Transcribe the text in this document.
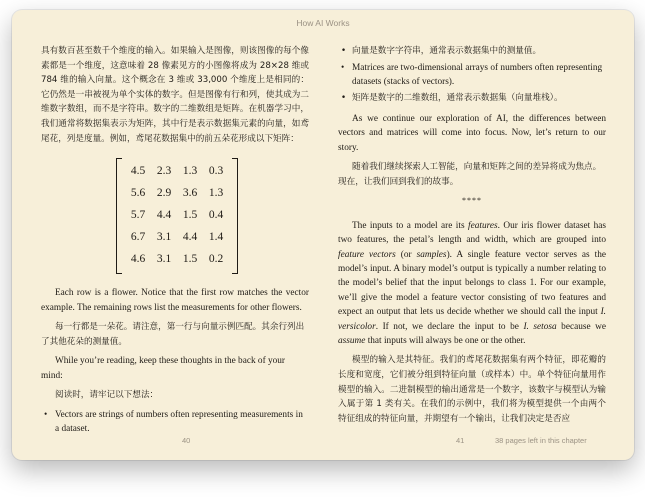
How AI Works

具有数百甚至数千个维度的输入。如果输入是图像，则该图像的每个像素都是一个维度，这意味着 28 像素见方的小图像将成为 28×28 维或 784 维的输入向量。这个概念在 3 维或 33,000 个维度上是相同的：它仍然是一串被视为单个实体的数字。但是图像有行和列，使其成为二维数字数组，而不是字符串。数字的二维数组是矩阵。在机器学习中，我们通常将数据集表示为矩阵，其中行是表示数据集元素的向量，如鸢尾花，列是度量。例如，鸢尾花数据集中的前五朵花形成以下矩阵：

4.5	2.3	1.3	0.3
5.6	2.9	3.6	1.3
5.7	4.4	1.5	0.4
6.7	3.1	4.4	1.4
4.6	3.1	1.5	0.2

Each row is a flower. Notice that the first row matches the vector example. The remaining rows list the measurements for other flowers.

每一行都是一朵花。请注意，第一行与向量示例匹配。其余行列出了其他花朵的测量值。

While you’re reading, keep these thoughts in the back of your mind:

阅读时，请牢记以下想法：

• Vectors are strings of numbers often representing measurements in a dataset.
• 向量是数字字符串，通常表示数据集中的测量值。
• Matrices are two-dimensional arrays of numbers often representing datasets (stacks of vectors).
• 矩阵是数字的二维数组，通常表示数据集（向量堆栈）。

As we continue our exploration of AI, the differences between vectors and matrices will come into focus. Now, let’s return to our story.

随着我们继续探索人工智能，向量和矩阵之间的差异将成为焦点。现在，让我们回到我们的故事。

****

The inputs to a model are its features. Our iris flower dataset has two features, the petal’s length and width, which are grouped into feature vectors (or samples). A single feature vector serves as the model’s input. A binary model’s output is typically a number relating to the model’s belief that the input belongs to class 1. For our example, we’ll give the model a feature vector consisting of two features and expect an output that lets us decide whether we should call the input I. versicolor. If not, we declare the input to be I. setosa because we assume that inputs will always be one or the other.

模型的输入是其特征。我们的鸢尾花数据集有两个特征，即花瓣的长度和宽度，它们被分组到特征向量（或样本）中。单个特征向量用作模型的输入。二进制模型的输出通常是一个数字，该数字与模型认为输入属于第 1 类有关。在我们的示例中，我们将为模型提供一个由两个特征组成的特征向量，并期望有一个输出，让我们决定是否应

40	41	38 pages left in this chapter
